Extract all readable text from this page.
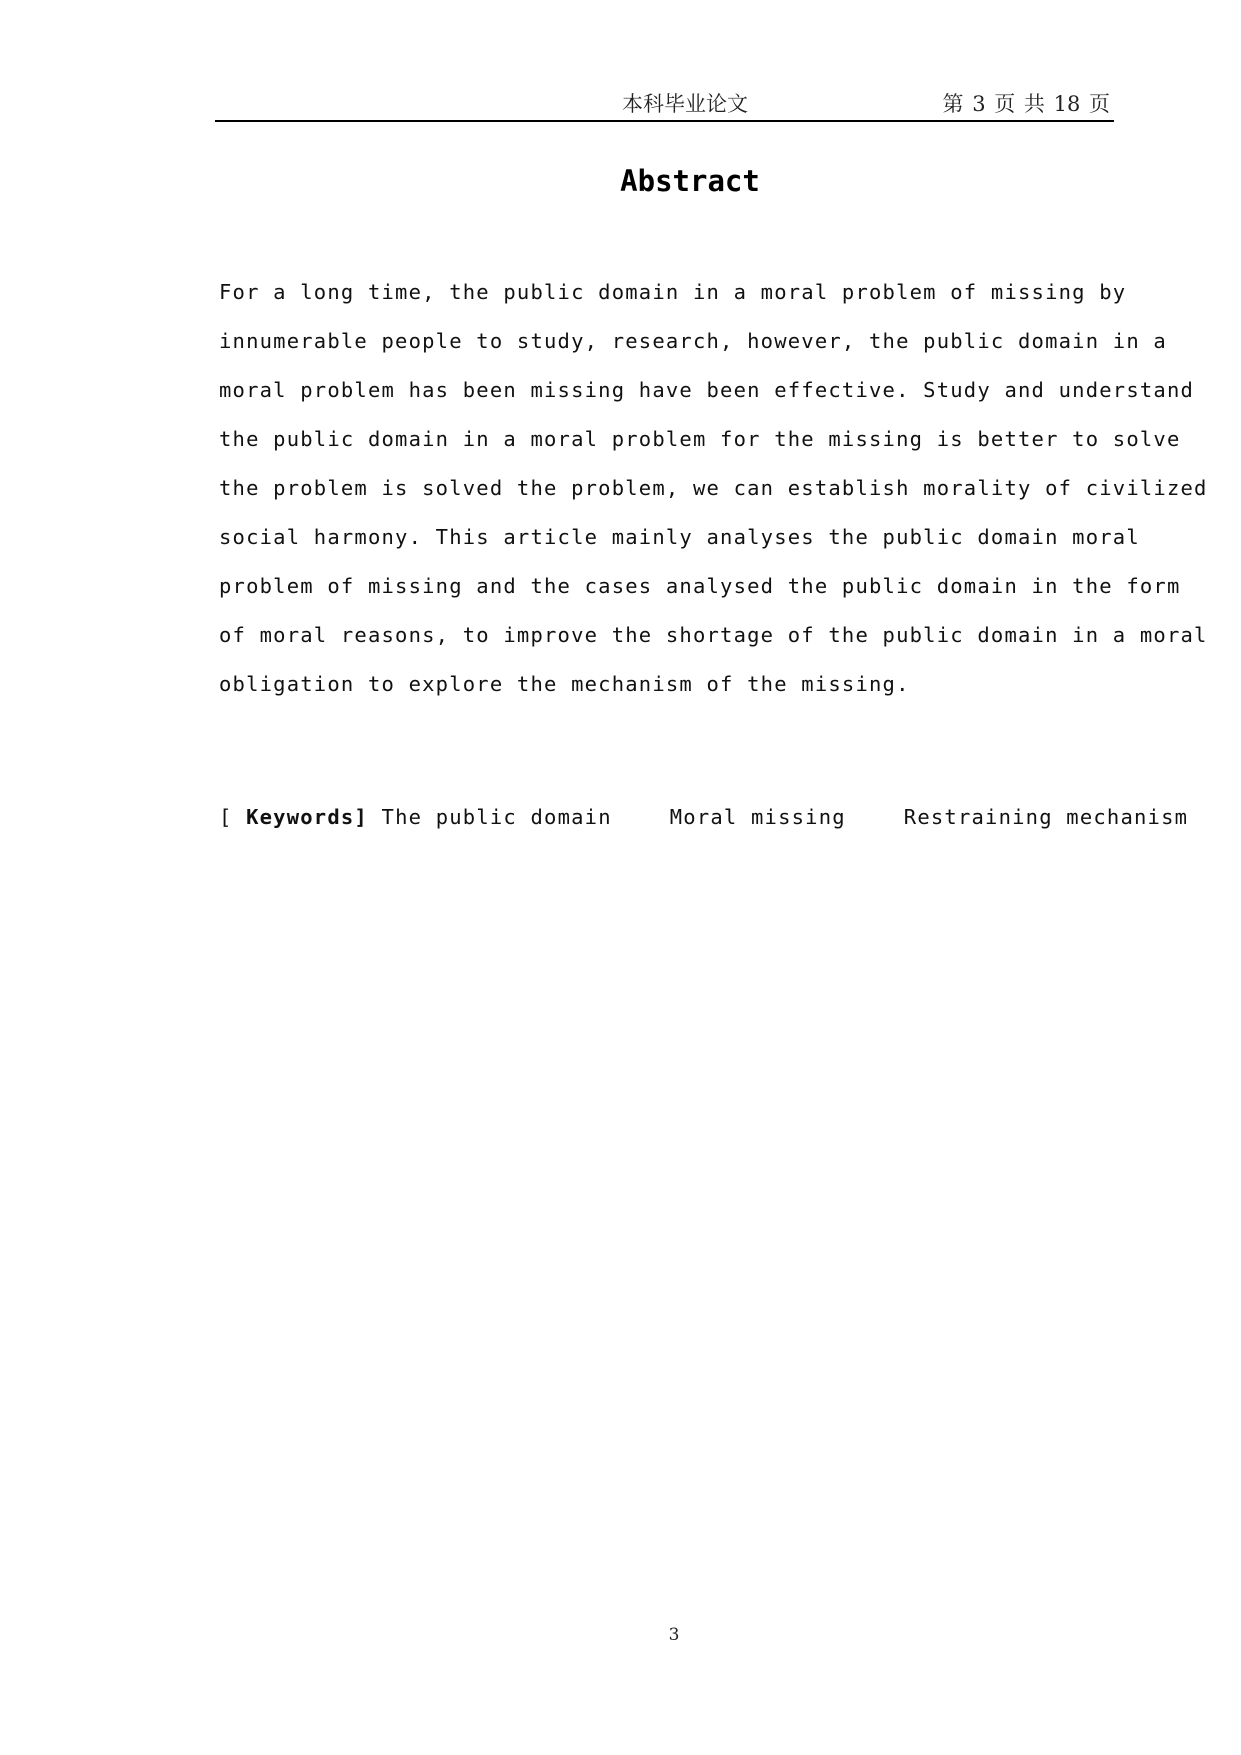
本科毕业论文	第 3 页 共 18 页
Abstract
For a long time, the public domain in a moral problem of missing by
innumerable people to study, research, however, the public domain in a
moral problem has been missing have been effective. Study and understand
the public domain in a moral problem for the missing is better to solve
the problem is solved the problem, we can establish morality of civilized
social harmony. This article mainly analyses the public domain moral
problem of missing and the cases analysed the public domain in the form
of moral reasons, to improve the shortage of the public domain in a moral
obligation to explore the mechanism of the missing.
[ Keywords] The public domain	Moral missing	Restraining mechanism
3
